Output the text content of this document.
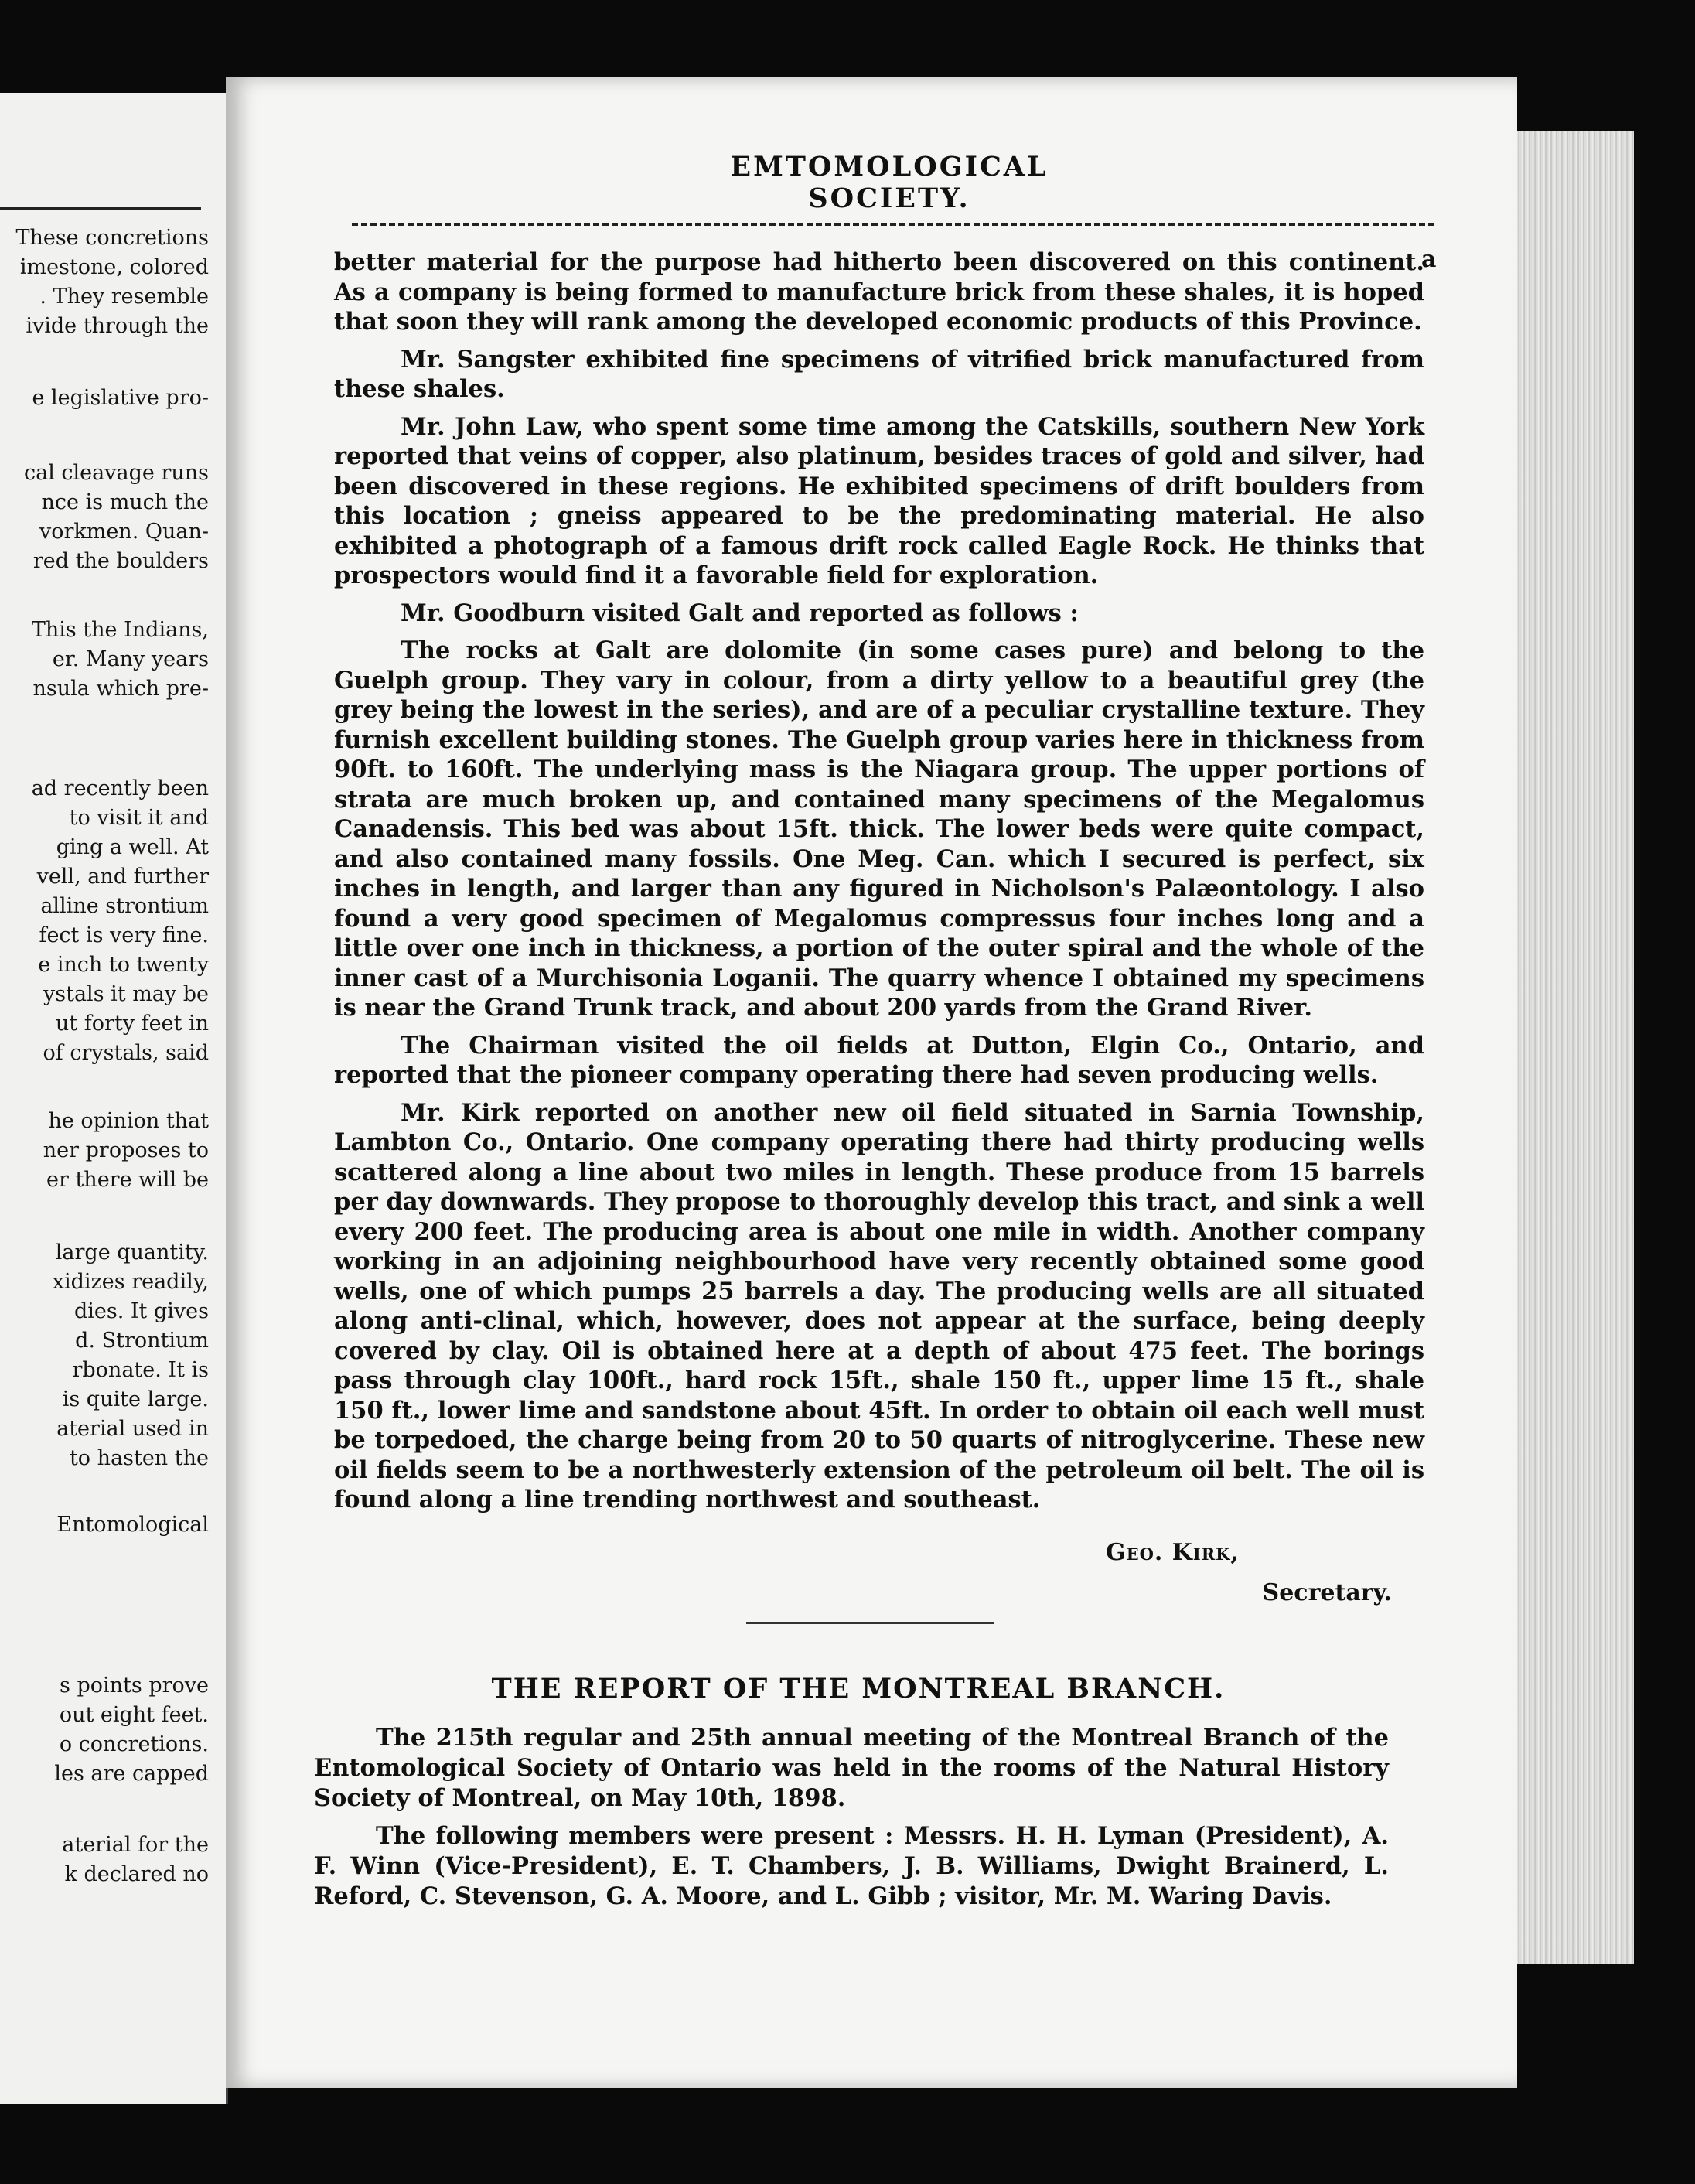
These concretions
imestone, colored
. They resemble
ivide through the
e legislative pro-
cal cleavage runs
nce is much the
vorkmen. Quan-
red the boulders
This the Indians,
er. Many years
nsula which pre-
ad recently been
to visit it and
ging a well. At
vell, and further
alline strontium
fect is very fine.
e inch to twenty
ystals it may be
ut forty feet in
of crystals, said
he opinion that
ner proposes to
er there will be
large quantity.
xidizes readily,
dies. It gives
d. Strontium
rbonate. It is
is quite large.
aterial used in
to hasten the
Entomological
s points prove
out eight feet.
o concretions.
les are capped
aterial for the
k declared no
EMTOMOLOGICAL SOCIETY.
a

better material for the purpose had hitherto been discovered on this continent. As a company is being formed to manufacture brick from these shales, it is hoped that soon they will rank among the developed economic products of this Province.

Mr. Sangster exhibited fine specimens of vitrified brick manufactured from these shales.

Mr. John Law, who spent some time among the Catskills, southern New York reported that veins of copper, also platinum, besides traces of gold and silver, had been discovered in these regions. He exhibited specimens of drift boulders from this location ; gneiss appeared to be the predominating material. He also exhibited a photograph of a famous drift rock called Eagle Rock. He thinks that prospectors would find it a favorable field for exploration.

Mr. Goodburn visited Galt and reported as follows :

The rocks at Galt are dolomite (in some cases pure) and belong to the Guelph group. They vary in colour, from a dirty yellow to a beautiful grey (the grey being the lowest in the series), and are of a peculiar crystalline texture. They furnish excellent building stones. The Guelph group varies here in thickness from 90ft. to 160ft. The underlying mass is the Niagara group. The upper portions of strata are much broken up, and contained many specimens of the Megalomus Canadensis. This bed was about 15ft. thick. The lower beds were quite compact, and also contained many fossils. One Meg. Can. which I secured is perfect, six inches in length, and larger than any figured in Nicholson's Palæontology. I also found a very good specimen of Megalomus compressus four inches long and a little over one inch in thickness, a portion of the outer spiral and the whole of the inner cast of a Murchisonia Loganii. The quarry whence I obtained my specimens is near the Grand Trunk track, and about 200 yards from the Grand River.

The Chairman visited the oil fields at Dutton, Elgin Co., Ontario, and reported that the pioneer company operating there had seven producing wells.

Mr. Kirk reported on another new oil field situated in Sarnia Township, Lambton Co., Ontario. One company operating there had thirty producing wells scattered along a line about two miles in length. These produce from 15 barrels per day downwards. They propose to thoroughly develop this tract, and sink a well every 200 feet. The producing area is about one mile in width. Another company working in an adjoining neighbourhood have very recently obtained some good wells, one of which pumps 25 barrels a day. The producing wells are all situated along anti-clinal, which, however, does not appear at the surface, being deeply covered by clay. Oil is obtained here at a depth of about 475 feet. The borings pass through clay 100ft., hard rock 15ft., shale 150 ft., upper lime 15 ft., shale 150 ft., lower lime and sandstone about 45ft. In order to obtain oil each well must be torpedoed, the charge being from 20 to 50 quarts of nitroglycerine. These new oil fields seem to be a northwesterly extension of the petroleum oil belt. The oil is found along a line trending northwest and southeast.

Geo. Kirk,
Secretary.
THE REPORT OF THE MONTREAL BRANCH.

The 215th regular and 25th annual meeting of the Montreal Branch of the Entomological Society of Ontario was held in the rooms of the Natural History Society of Montreal, on May 10th, 1898.

The following members were present : Messrs. H. H. Lyman (President), A. F. Winn (Vice-President), E. T. Chambers, J. B. Williams, Dwight Brainerd, L. Reford, C. Stevenson, G. A. Moore, and L. Gibb ; visitor, Mr. M. Waring Davis.
